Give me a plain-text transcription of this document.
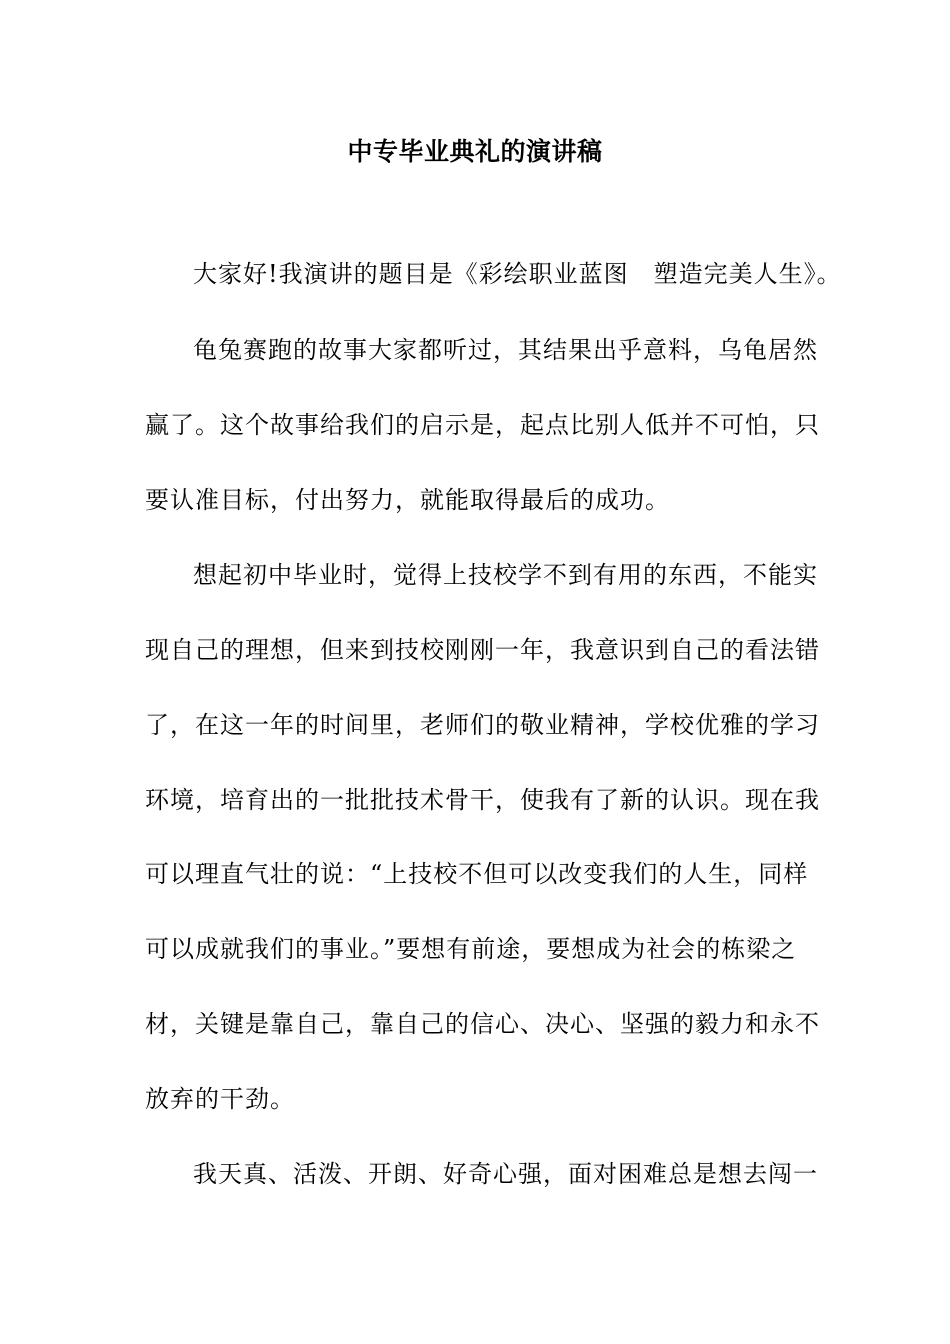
中专毕业典礼的演讲稿
大家好!我演讲的题目是《彩绘职业蓝图　塑造完美人生》。
龟兔赛跑的故事大家都听过，其结果出乎意料，乌龟居然
赢了。这个故事给我们的启示是，起点比别人低并不可怕，只
要认准目标，付出努力，就能取得最后的成功。
想起初中毕业时，觉得上技校学不到有用的东西，不能实
现自己的理想，但来到技校刚刚一年，我意识到自己的看法错
了，在这一年的时间里，老师们的敬业精神，学校优雅的学习
环境，培育出的一批批技术骨干，使我有了新的认识。现在我
可以理直气壮的说：“上技校不但可以改变我们的人生，同样
可以成就我们的事业。”要想有前途，要想成为社会的栋梁之
材，关键是靠自己，靠自己的信心、决心、坚强的毅力和永不
放弃的干劲。
我天真、活泼、开朗、好奇心强，面对困难总是想去闯一
